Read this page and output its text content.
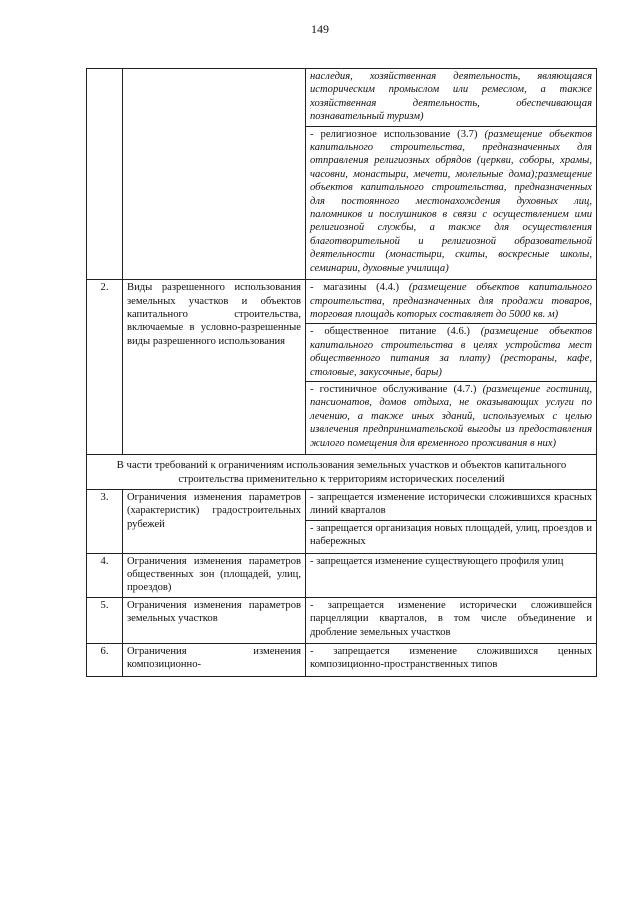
149

		наследия, хозяйственная деятельность, являющаяся историческим промыслом или ремеслом, а также хозяйственная деятельность, обеспечивающая познавательный туризм)
- религиозное использование (3.7) (размещение объектов капитального строительства, предназначенных для отправления религиозных обрядов (церкви, соборы, храмы, часовни, монастыри, мечети, молельные дома);размещение объектов капитального строительства, предназначенных для постоянного местонахождения духовных лиц, паломников и послушников в связи с осуществлением ими религиозной службы, а также для осуществления благотворительной и религиозной образовательной деятельности (монастыри, скиты, воскресные школы, семинарии, духовные училища)

2.	Виды разрешенного использования земельных участков и объектов капитального строительства, включаемые в условно-разрешенные виды разрешенного использования	- магазины (4.4.) (размещение объектов капитального строительства, предназначенных для продажи товаров, торговая площадь которых составляет до 5000 кв. м)
- общественное питание (4.6.) (размещение объектов капитального строительства в целях устройства мест общественного питания за плату) (рестораны, кафе, столовые, закусочные, бары)
- гостиничное обслуживание (4.7.) (размещение гостиниц, пансионатов, домов отдыха, не оказывающих услуги по лечению, а также иных зданий, используемых с целью извлечения предпринимательской выгоды из предоставления жилого помещения для временного проживания в них)

В части требований к ограничениям использования земельных участков и объектов капитального строительства применительно к территориям исторических поселений		
3.	Ограничения изменения параметров (характеристик) градостроительных рубежей	- запрещается изменение исторически сложившихся красных линий кварталов
- запрещается организация новых площадей, улиц, проездов и набережных

4.	Ограничения изменения параметров общественных зон (площадей, улиц, проездов)	- запрещается изменение существующего профиля улиц

5.	Ограничения изменения параметров земельных участков	- запрещается изменение исторически сложившейся парцелляции кварталов, в том числе объединение и дробление земельных участков

6.	Ограничения изменения композиционно-	- запрещается изменение сложившихся ценных композиционно-пространственных типов
